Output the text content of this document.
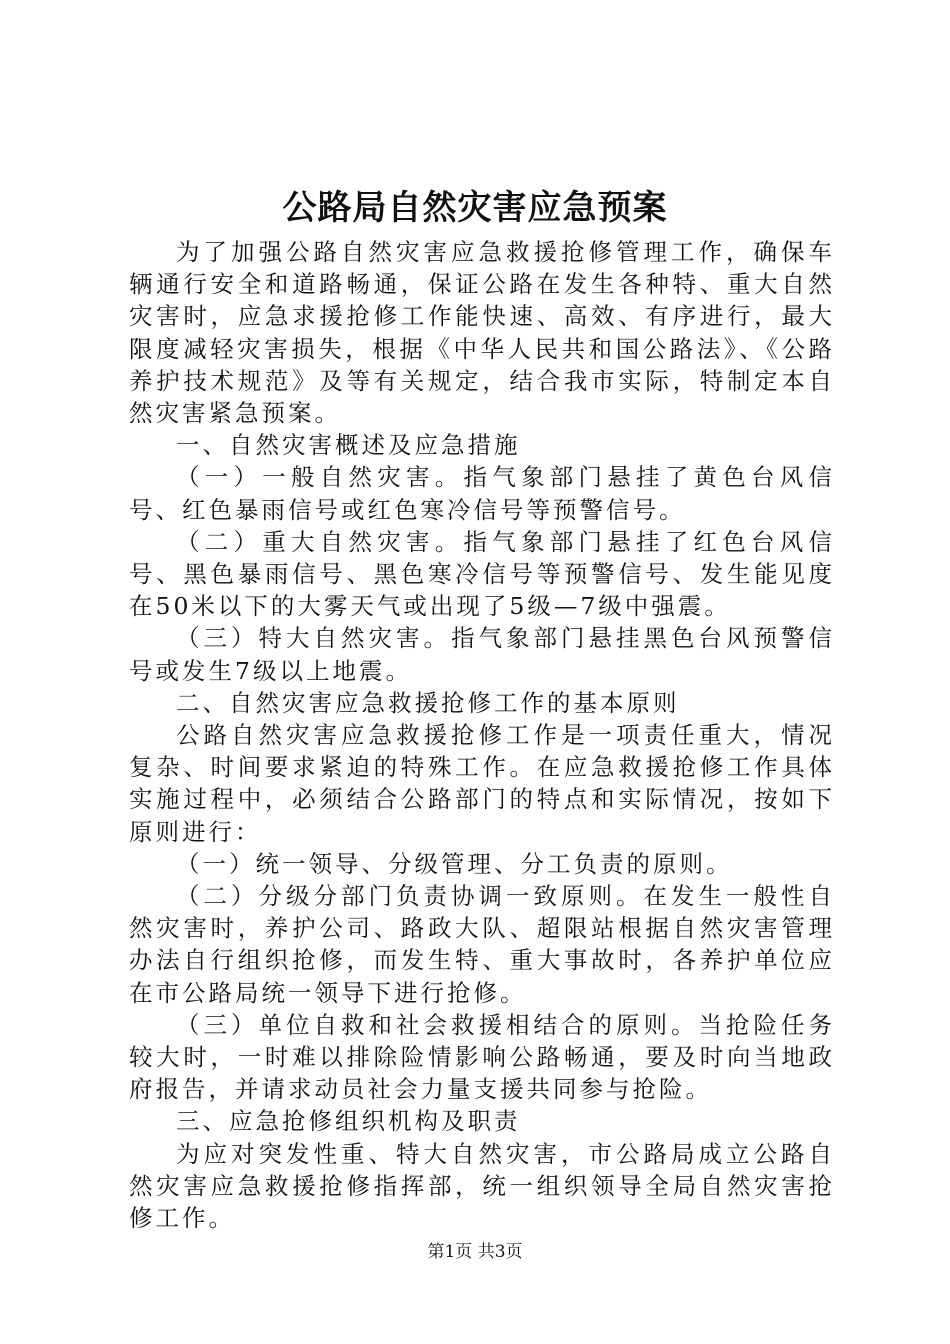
公路局自然灾害应急预案

为了加强公路自然灾害应急救援抢修管理工作，确保车辆通行安全和道路畅通，保证公路在发生各种特、重大自然灾害时，应急求援抢修工作能快速、高效、有序进行，最大限度减轻灾害损失，根据《中华人民共和国公路法》、《公路养护技术规范》及等有关规定，结合我市实际，特制定本自然灾害紧急预案。

一、自然灾害概述及应急措施

（一）一般自然灾害。指气象部门悬挂了黄色台风信号、红色暴雨信号或红色寒冷信号等预警信号。

（二）重大自然灾害。指气象部门悬挂了红色台风信号、黑色暴雨信号、黑色寒冷信号等预警信号、发生能见度在50米以下的大雾天气或出现了5级—7级中强震。

（三）特大自然灾害。指气象部门悬挂黑色台风预警信号或发生7级以上地震。

二、自然灾害应急救援抢修工作的基本原则

公路自然灾害应急救援抢修工作是一项责任重大，情况复杂、时间要求紧迫的特殊工作。在应急救援抢修工作具体实施过程中，必须结合公路部门的特点和实际情况，按如下原则进行：

（一）统一领导、分级管理、分工负责的原则。

（二）分级分部门负责协调一致原则。在发生一般性自然灾害时，养护公司、路政大队、超限站根据自然灾害管理办法自行组织抢修，而发生特、重大事故时，各养护单位应在市公路局统一领导下进行抢修。

（三）单位自救和社会救援相结合的原则。当抢险任务较大时，一时难以排除险情影响公路畅通，要及时向当地政府报告，并请求动员社会力量支援共同参与抢险。

三、应急抢修组织机构及职责

为应对突发性重、特大自然灾害，市公路局成立公路自然灾害应急救援抢修指挥部，统一组织领导全局自然灾害抢修工作。

第1页 共3页
